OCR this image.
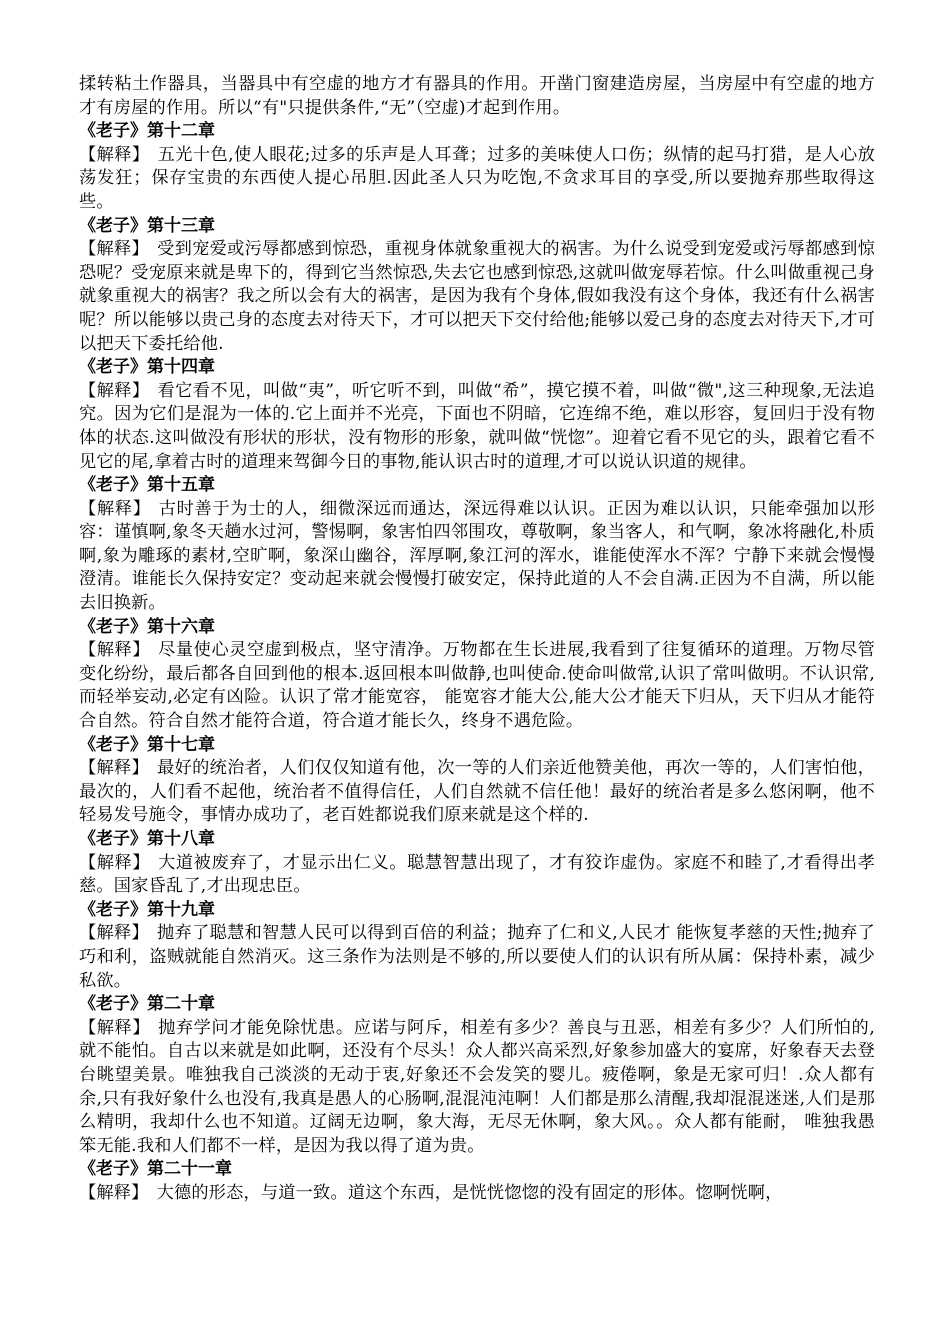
揉转粘土作器具，当器具中有空虚的地方才有器具的作用。开凿门窗建造房屋，当房屋中有空虚的地方才有房屋的作用。所以“有"只提供条件,“无”（空虚)才起到作用。

《老子》第十二章

【解释】 五光十色,使人眼花;过多的乐声是人耳聋；过多的美味使人口伤；纵情的起马打猎，是人心放荡发狂；保存宝贵的东西使人提心吊胆.因此圣人只为吃饱,不贪求耳目的享受,所以要抛弃那些取得这些。

《老子》第十三章

【解释】 受到宠爱或污辱都感到惊恐，重视身体就象重视大的祸害。为什么说受到宠爱或污辱都感到惊恐呢？受宠原来就是卑下的，得到它当然惊恐,失去它也感到惊恐,这就叫做宠辱若惊。什么叫做重视己身就象重视大的祸害？我之所以会有大的祸害，是因为我有个身体,假如我没有这个身体，我还有什么祸害呢？所以能够以贵己身的态度去对待天下，才可以把天下交付给他;能够以爱己身的态度去对待天下,才可以把天下委托给他.

《老子》第十四章

【解释】 看它看不见，叫做“夷”，听它听不到，叫做“希”，摸它摸不着，叫做“微",这三种现象,无法追究。因为它们是混为一体的.它上面并不光亮，下面也不阴暗，它连绵不绝，难以形容，复回归于没有物体的状态.这叫做没有形状的形状，没有物形的形象，就叫做“恍惚”。迎着它看不见它的头，跟着它看不见它的尾,拿着古时的道理来驾御今日的事物,能认识古时的道理,才可以说认识道的规律。

《老子》第十五章

【解释】 古时善于为士的人，细微深远而通达，深远得难以认识。正因为难以认识，只能牵强加以形容：谨慎啊,象冬天趟水过河，警惕啊，象害怕四邻围攻，尊敬啊，象当客人，和气啊，象冰将融化,朴质啊,象为雕琢的素材,空旷啊，象深山幽谷，浑厚啊,象江河的浑水，谁能使浑水不浑？宁静下来就会慢慢澄清。谁能长久保持安定？变动起来就会慢慢打破安定，保持此道的人不会自满.正因为不自满，所以能去旧换新。

《老子》第十六章

【解释】 尽量使心灵空虚到极点，坚守清净。万物都在生长进展,我看到了往复循环的道理。万物尽管变化纷纷，最后都各自回到他的根本.返回根本叫做静,也叫使命.使命叫做常,认识了常叫做明。不认识常,而轻举妄动,必定有凶险。认识了常才能宽容， 能宽容才能大公,能大公才能天下归从，天下归从才能符合自然。符合自然才能符合道，符合道才能长久，终身不遇危险。

《老子》第十七章

【解释】 最好的统治者，人们仅仅知道有他，次一等的人们亲近他赞美他，再次一等的，人们害怕他，最次的，人们看不起他，统治者不值得信任，人们自然就不信任他！最好的统治者是多么悠闲啊，他不轻易发号施令，事情办成功了，老百姓都说我们原来就是这个样的.

《老子》第十八章

【解释】 大道被废弃了，才显示出仁义。聪慧智慧出现了，才有狡诈虚伪。家庭不和睦了,才看得出孝慈。国家昏乱了,才出现忠臣。

《老子》第十九章

【解释】 抛弃了聪慧和智慧人民可以得到百倍的利益；抛弃了仁和义,人民才 能恢复孝慈的天性;抛弃了巧和利，盗贼就能自然消灭。这三条作为法则是不够的,所以要使人们的认识有所从属：保持朴素，减少私欲。

《老子》第二十章

【解释】 抛弃学问才能免除忧患。应诺与阿斥，相差有多少？善良与丑恶，相差有多少？人们所怕的,就不能怕。自古以来就是如此啊，还没有个尽头！众人都兴高采烈,好象参加盛大的宴席，好象春天去登台眺望美景。唯独我自己淡淡的无动于衷,好象还不会发笑的婴儿。疲倦啊，象是无家可归！.众人都有余,只有我好象什么也没有,我真是愚人的心肠啊,混混沌沌啊！人们都是那么清醒,我却混混迷迷,人们是那么精明，我却什么也不知道。辽阔无边啊，象大海，无尽无休啊，象大风。。众人都有能耐， 唯独我愚笨无能.我和人们都不一样，是因为我以得了道为贵。

《老子》第二十一章

【解释】 大德的形态，与道一致。道这个东西，是恍恍惚惚的没有固定的形体。惚啊恍啊，
